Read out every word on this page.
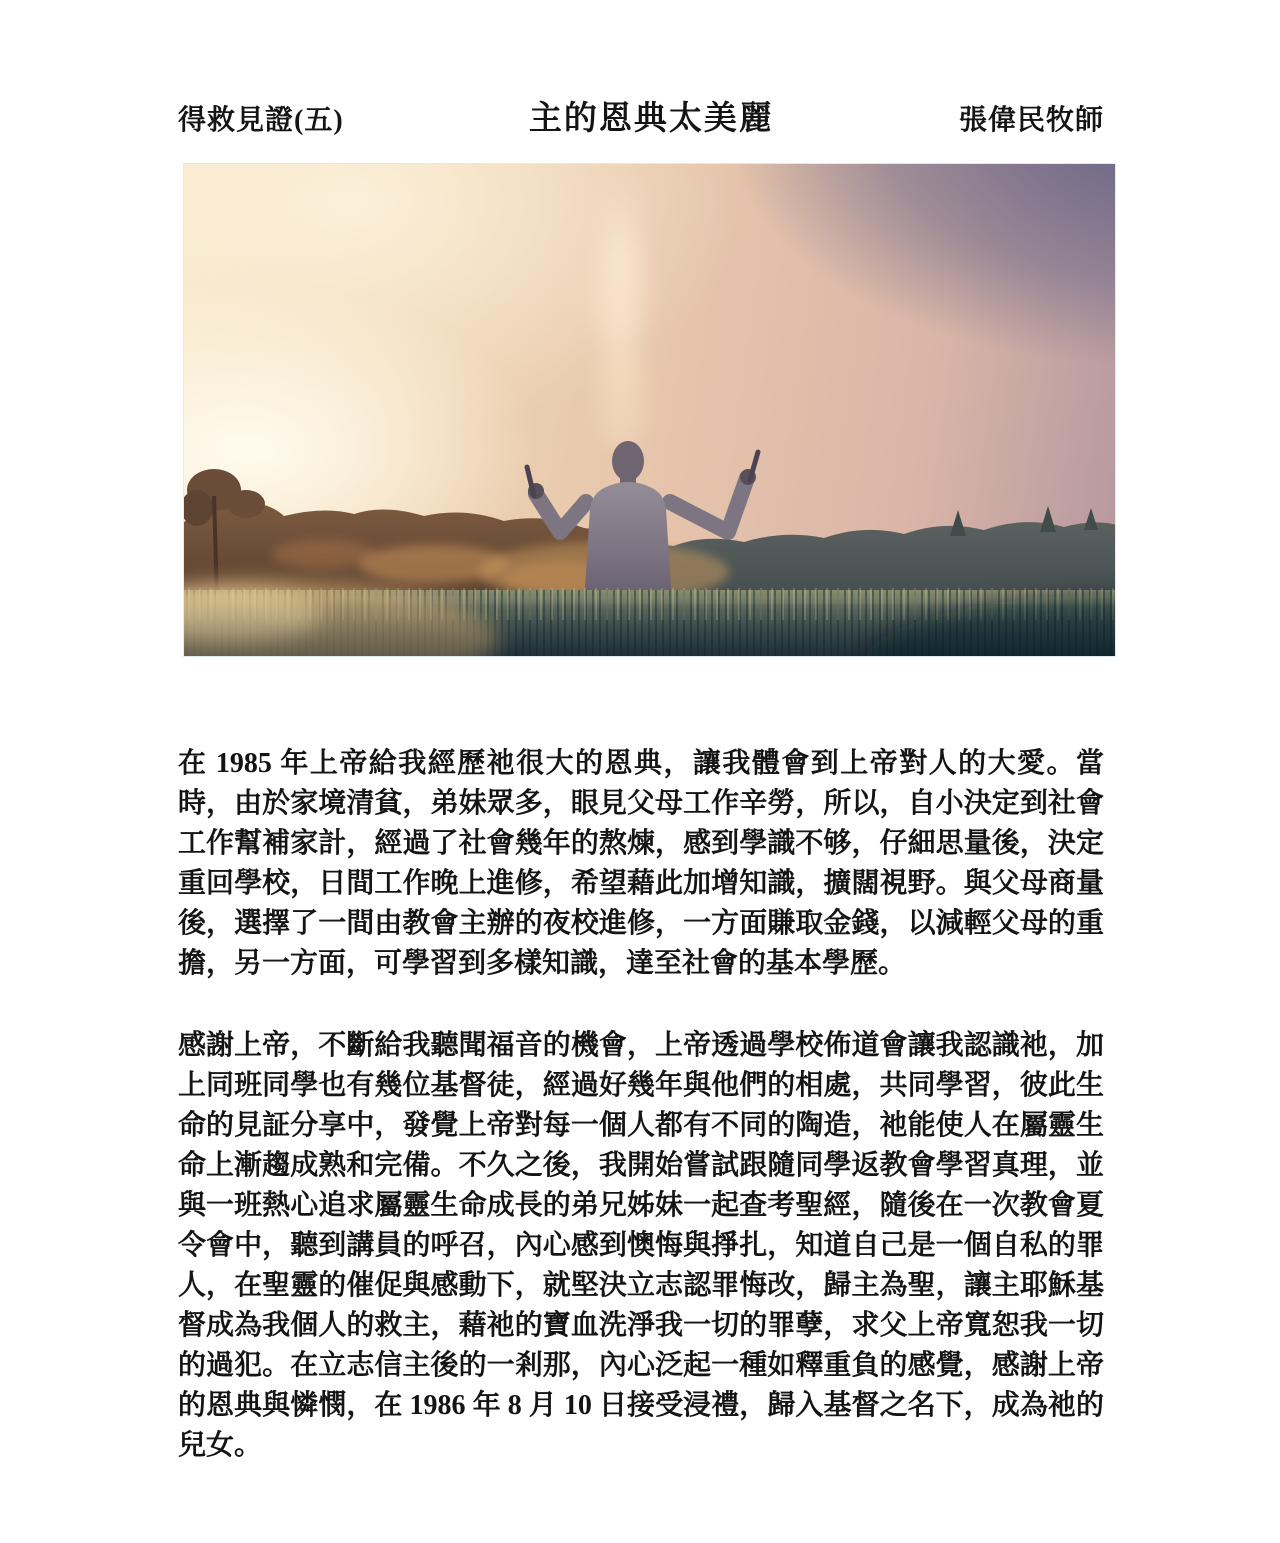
得救見證(五)	主的恩典太美麗	張偉民牧師

在 1985 年上帝給我經歷祂很大的恩典，讓我體會到上帝對人的大愛。當時，由於家境清貧，弟妹眾多，眼見父母工作辛勞，所以，自小決定到社會工作幫補家計，經過了社會幾年的熬煉，感到學識不够，仔細思量後，決定重回學校，日間工作晚上進修，希望藉此加增知識，擴闊視野。與父母商量後，選擇了一間由教會主辦的夜校進修，一方面賺取金錢，以減輕父母的重擔，另一方面，可學習到多樣知識，達至社會的基本學歷。

感謝上帝，不斷給我聽聞福音的機會，上帝透過學校佈道會讓我認識祂，加上同班同學也有幾位基督徒，經過好幾年與他們的相處，共同學習，彼此生命的見証分享中，發覺上帝對每一個人都有不同的陶造，祂能使人在屬靈生命上漸趨成熟和完備。不久之後，我開始嘗試跟隨同學返教會學習真理，並與一班熱心追求屬靈生命成長的弟兄姊妹一起查考聖經，隨後在一次教會夏令會中，聽到講員的呼召，內心感到懊悔與掙扎，知道自己是一個自私的罪人，在聖靈的催促與感動下，就堅決立志認罪悔改，歸主為聖，讓主耶穌基督成為我個人的救主，藉祂的寶血洗淨我一切的罪孽，求父上帝寬恕我一切的過犯。在立志信主後的一剎那，內心泛起一種如釋重負的感覺，感謝上帝的恩典與憐憫，在 1986 年 8 月 10 日接受浸禮，歸入基督之名下，成為祂的兒女。
